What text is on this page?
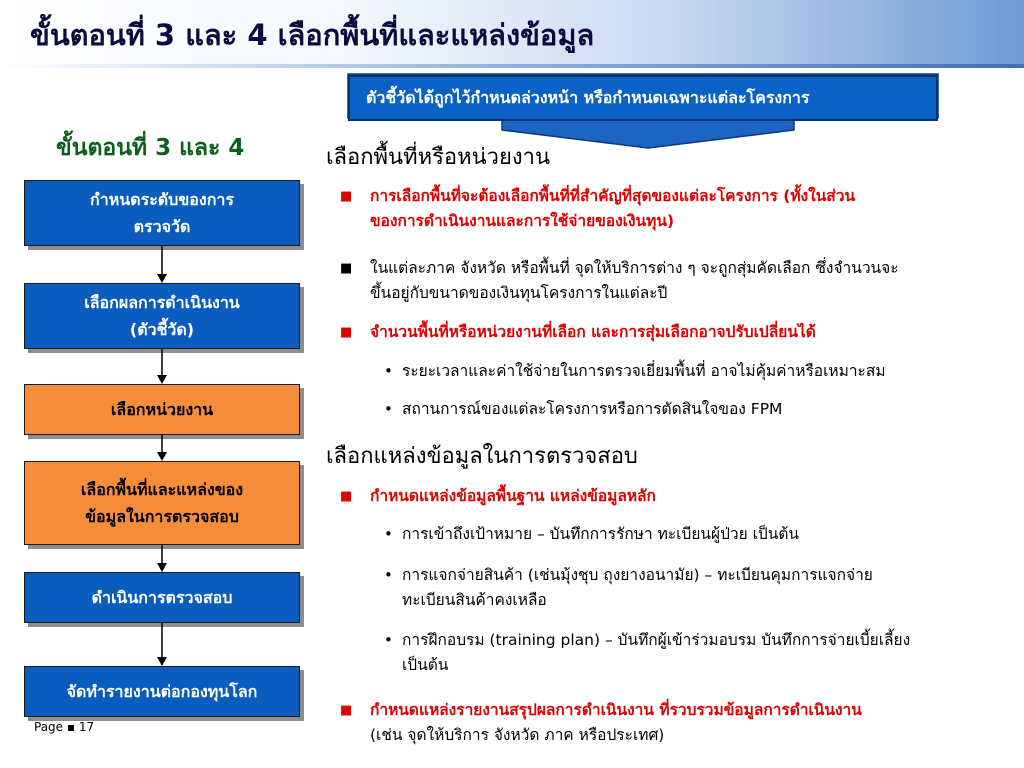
ขั้นตอนที่ 3 และ 4 เลือกพื้นที่และแหล่งข้อมูล
ตัวชี้วัดได้ถูกไว้กำหนดล่วงหน้า หรือกำหนดเฉพาะแต่ละโครงการ
ขั้นตอนที่ 3 และ 4
กำหนดระดับของการ
ตรวจวัด
เลือกผลการดำเนินงาน
(ตัวชี้วัด)
เลือกหน่วยงาน
เลือกพื้นที่และแหล่งของ
ข้อมูลในการตรวจสอบ
ดำเนินการตรวจสอบ
จัดทำรายงานต่อกองทุนโลก
เลือกพื้นที่หรือหน่วยงาน
■ การเลือกพื้นที่จะต้องเลือกพื้นที่ที่สำคัญที่สุดของแต่ละโครงการ (ทั้งในส่วน
ของการดำเนินงานและการใช้จ่ายของเงินทุน)
■ ในแต่ละภาค จังหวัด หรือพื้นที่ จุดให้บริการต่าง ๆ จะถูกสุ่มคัดเลือก ซึ่งจำนวนจะ
ขึ้นอยู่กับขนาดของเงินทุนโครงการในแต่ละปี
■ จำนวนพื้นที่หรือหน่วยงานที่เลือก และการสุ่มเลือกอาจปรับเปลี่ยนได้
• ระยะเวลาและค่าใช้จ่ายในการตรวจเยี่ยมพื้นที่ อาจไม่คุ้มค่าหรือเหมาะสม
• สถานการณ์ของแต่ละโครงการหรือการตัดสินใจของ FPM
เลือกแหล่งข้อมูลในการตรวจสอบ
■ กำหนดแหล่งข้อมูลพื้นฐาน แหล่งข้อมูลหลัก
• การเข้าถึงเป้าหมาย – บันทึกการรักษา ทะเบียนผู้ป่วย เป็นต้น
• การแจกจ่ายสินค้า (เช่นมุ้งชุบ ถุงยางอนามัย) – ทะเบียนคุมการแจกจ่าย
ทะเบียนสินค้าคงเหลือ
• การฝึกอบรม (training plan) – บันทึกผู้เข้าร่วมอบรม บันทึกการจ่ายเบี้ยเลี้ยง
เป็นต้น
■ กำหนดแหล่งรายงานสรุปผลการดำเนินงาน ที่รวบรวมข้อมูลการดำเนินงาน
(เช่น จุดให้บริการ จังหวัด ภาค หรือประเทศ)
Page ▪ 17
